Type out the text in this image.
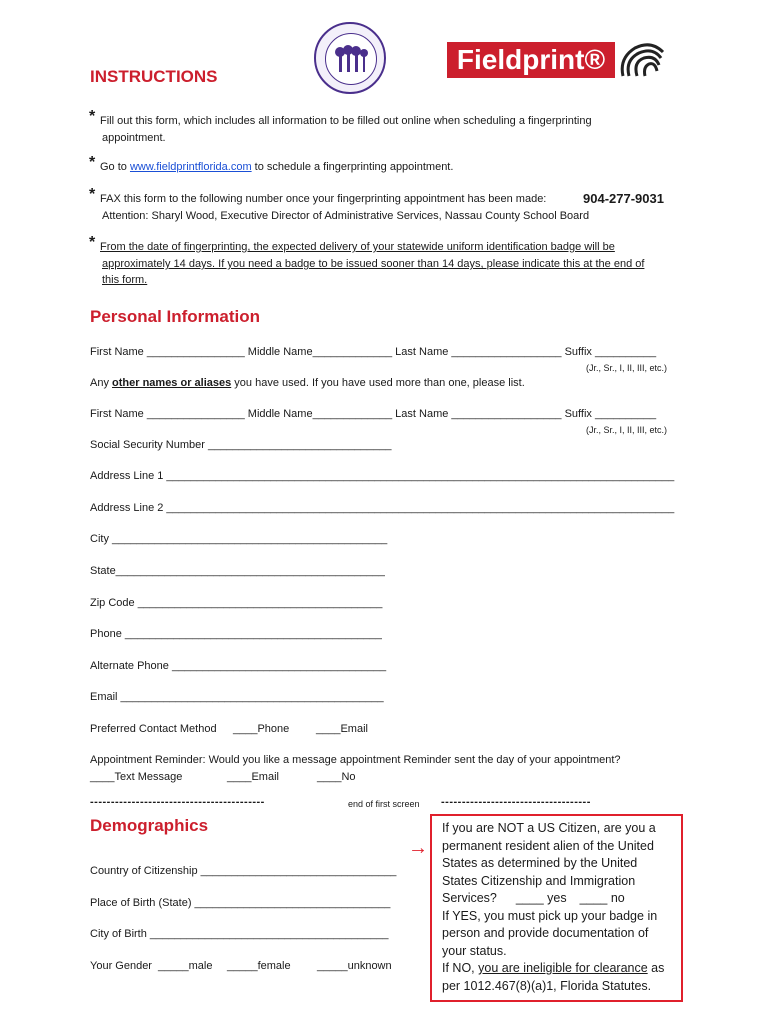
Fieldprint®
INSTRUCTIONS
* Fill out this form, which includes all information to be filled out online when scheduling a fingerprinting
appointment.
* Go to www.fieldprintflorida.com to schedule a fingerprinting appointment.
* FAX this form to the following number once your fingerprinting appointment has been made:	904-277-9031
Attention: Sharyl Wood, Executive Director of Administrative Services, Nassau County School Board
* From the date of fingerprinting, the expected delivery of your statewide uniform identification badge will be
approximately 14 days. If you need a badge to be issued sooner than 14 days, please indicate this at the end of
this form.
Personal Information
First Name ________________ Middle Name_____________ Last Name __________________ Suffix __________
(Jr., Sr., I, II, III, etc.)
Any other names or aliases you have used. If you have used more than one, please list.
First Name ________________ Middle Name_____________ Last Name __________________ Suffix __________
(Jr., Sr., I, II, III, etc.)
Social Security Number ______________________________
Address Line 1 ___________________________________________________________________________________
Address Line 2 ___________________________________________________________________________________
City _____________________________________________
State____________________________________________
Zip Code ________________________________________
Phone __________________________________________
Alternate Phone ___________________________________
Email ___________________________________________
Preferred Contact Method ____Phone ____Email
Appointment Reminder: Would you like a message appointment Reminder sent the day of your appointment?
____Text Message	____Email	____No
------------------------------------------	end of first screen ------------------------------------
Demographics
→
Country of Citizenship ________________________________
Place of Birth (State) ________________________________
City of Birth _______________________________________
Your Gender _____male _____female _____unknown
If you are NOT a US Citizen, are you a
permanent resident alien of the United
States as determined by the United
States Citizenship and Immigration
Services? ____ yes ____ no
If YES, you must pick up your badge in
person and provide documentation of
your status.
If NO, you are ineligible for clearance as
per 1012.467(8)(a)1, Florida Statutes.
